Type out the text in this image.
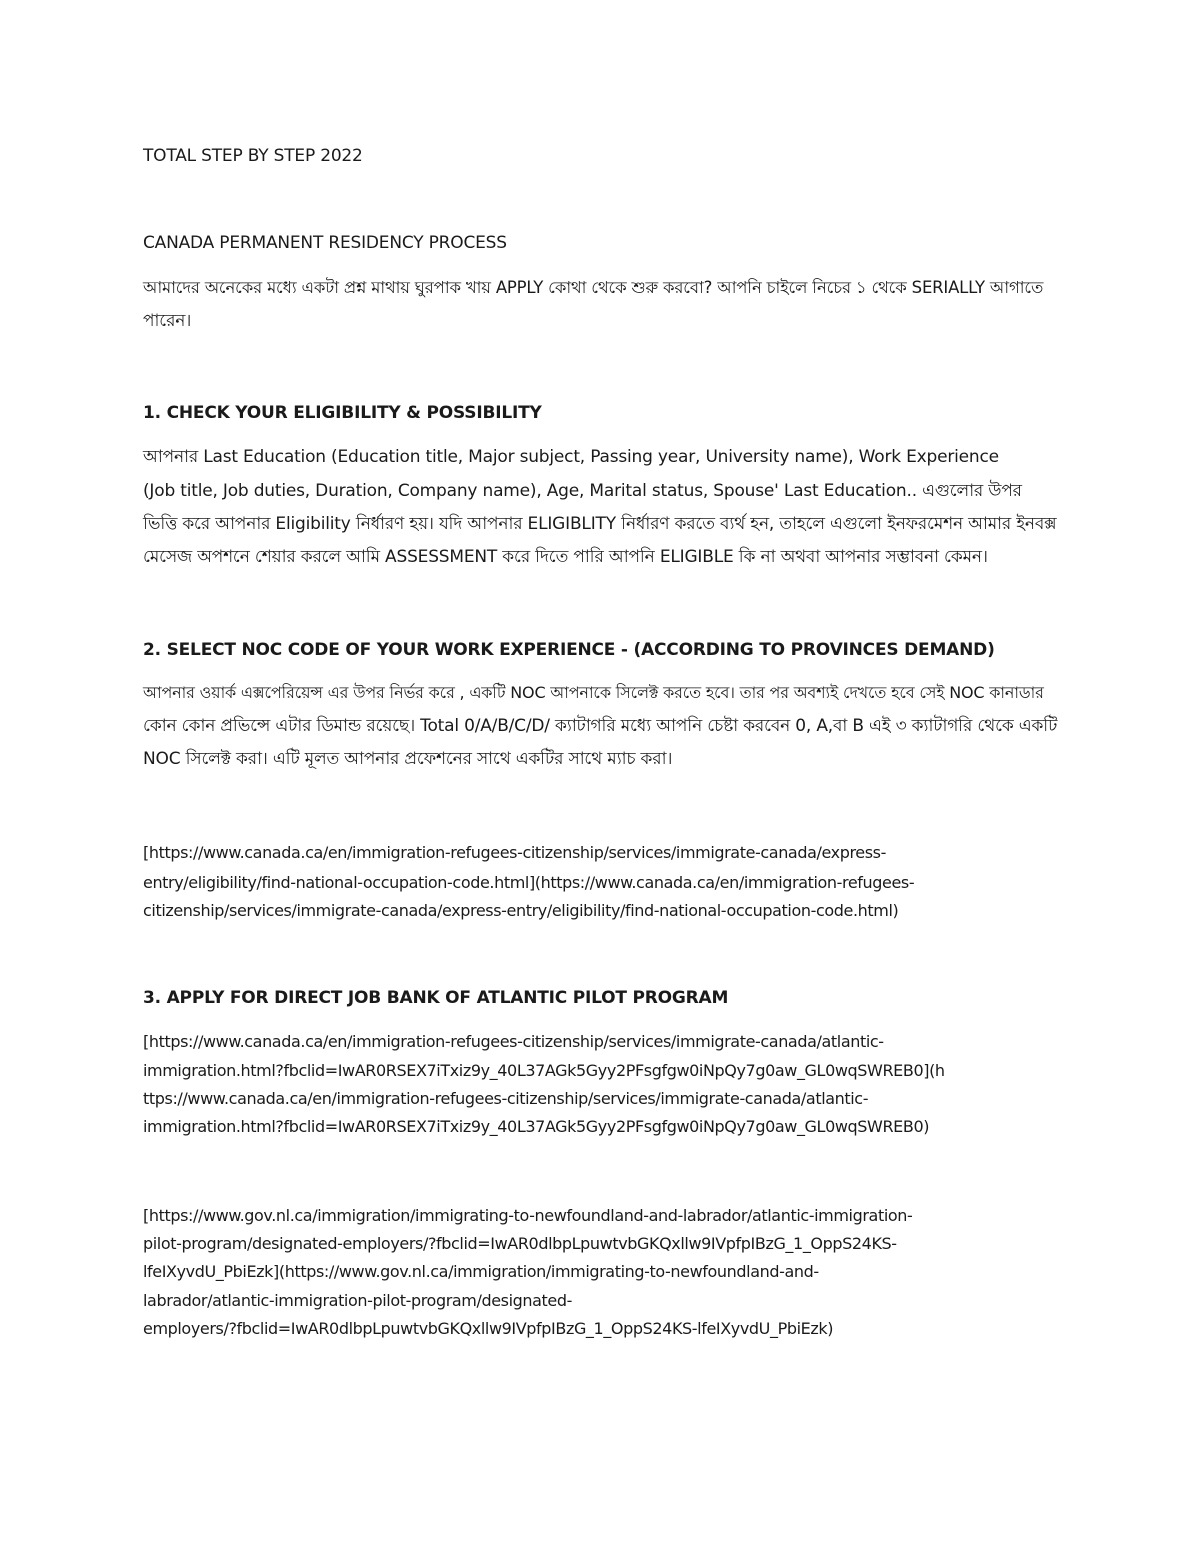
TOTAL STEP BY STEP 2022
CANADA PERMANENT RESIDENCY PROCESS
আমাদের অনেকের মধ্যে একটা প্রশ্ন মাথায় ঘুরপাক খায় APPLY কোথা থেকে শুরু করবো? আপনি চাইলে নিচের ১ থেকে SERIALLY আগাতে
পারেন।
1. CHECK YOUR ELIGIBILITY & POSSIBILITY
আপনার Last Education (Education title, Major subject, Passing year, University name), Work Experience
(Job title, Job duties, Duration, Company name), Age, Marital status, Spouse' Last Education.. এগুলোর উপর
ভিত্তি করে আপনার Eligibility নির্ধারণ হয়। যদি আপনার ELIGIBLITY নির্ধারণ করতে ব্যর্থ হন, তাহলে এগুলো ইনফরমেশন আমার ইনবক্স
মেসেজ অপশনে শেয়ার করলে আমি ASSESSMENT করে দিতে পারি আপনি ELIGIBLE কি না অথবা আপনার সম্ভাবনা কেমন।
2. SELECT NOC CODE OF YOUR WORK EXPERIENCE - (ACCORDING TO PROVINCES DEMAND)
আপনার ওয়ার্ক এক্সপেরিয়েন্স এর উপর নির্ভর করে , একটি NOC আপনাকে সিলেক্ট করতে হবে। তার পর অবশ্যই দেখতে হবে সেই NOC কানাডার
কোন কোন প্রভিন্সে এটার ডিমান্ড রয়েছে। Total 0/A/B/C/D/ ক্যাটাগরি মধ্যে আপনি চেষ্টা করবেন 0, A,বা B এই ৩ ক্যাটাগরি থেকে একটি
NOC সিলেক্ট করা। এটি মূলত আপনার প্রফেশনের সাথে একটির সাথে ম্যাচ করা।
[https://www.canada.ca/en/immigration-refugees-citizenship/services/immigrate-canada/express-
entry/eligibility/find-national-occupation-code.html](https://www.canada.ca/en/immigration-refugees-
citizenship/services/immigrate-canada/express-entry/eligibility/find-national-occupation-code.html)
3. APPLY FOR DIRECT JOB BANK OF ATLANTIC PILOT PROGRAM
[https://www.canada.ca/en/immigration-refugees-citizenship/services/immigrate-canada/atlantic-
immigration.html?fbclid=IwAR0RSEX7iTxiz9y_40L37AGk5Gyy2PFsgfgw0iNpQy7g0aw_GL0wqSWREB0](h
ttps://www.canada.ca/en/immigration-refugees-citizenship/services/immigrate-canada/atlantic-
immigration.html?fbclid=IwAR0RSEX7iTxiz9y_40L37AGk5Gyy2PFsgfgw0iNpQy7g0aw_GL0wqSWREB0)
[https://www.gov.nl.ca/immigration/immigrating-to-newfoundland-and-labrador/atlantic-immigration-
pilot-program/designated-employers/?fbclid=IwAR0dlbpLpuwtvbGKQxllw9IVpfpIBzG_1_OppS24KS-
lfeIXyvdU_PbiEzk](https://www.gov.nl.ca/immigration/immigrating-to-newfoundland-and-
labrador/atlantic-immigration-pilot-program/designated-
employers/?fbclid=IwAR0dlbpLpuwtvbGKQxllw9IVpfpIBzG_1_OppS24KS-lfeIXyvdU_PbiEzk)
